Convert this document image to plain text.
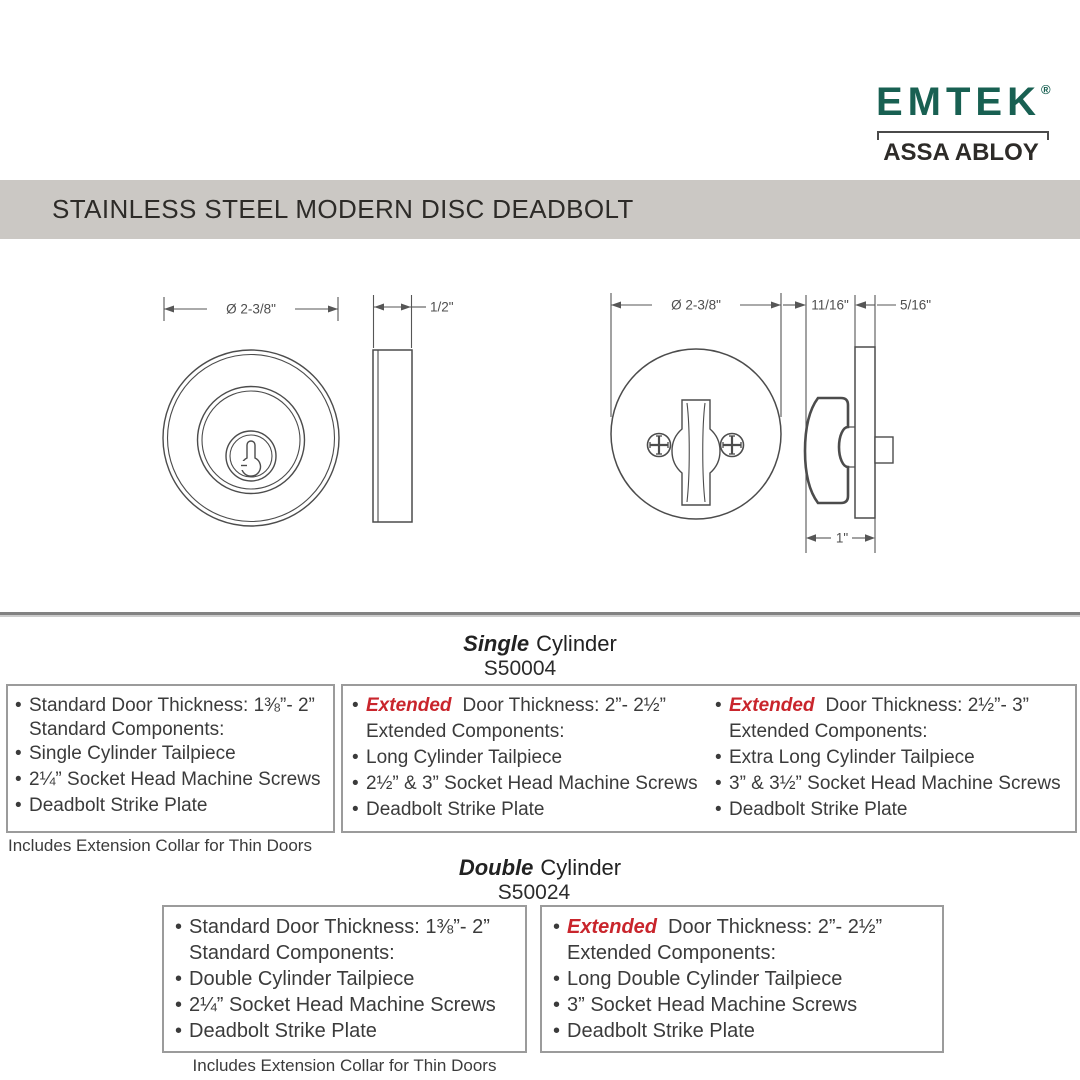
EMTEK ®
ASSA ABLOY
STAINLESS STEEL MODERN DISC DEADBOLT
Ø 2-3/8"	1/2"	Ø 2-3/8"	11/16"	5/16"
1"
Single Cylinder
S50004
• Standard Door Thickness: 1⅜”- 2”
Standard Components:
• Single Cylinder Tailpiece
• 2¼” Socket Head Machine Screws
• Deadbolt Strike Plate
• Extended Door Thickness: 2”- 2½”
Extended Components:
• Long Cylinder Tailpiece
• 2½” & 3” Socket Head Machine Screws
• Deadbolt Strike Plate
• Extended Door Thickness: 2½”- 3”
Extended Components:
• Extra Long Cylinder Tailpiece
• 3” & 3½” Socket Head Machine Screws
• Deadbolt Strike Plate
Includes Extension Collar for Thin Doors
Double Cylinder
S50024
• Standard Door Thickness: 1⅜”- 2”
Standard Components:
• Double Cylinder Tailpiece
• 2¼” Socket Head Machine Screws
• Deadbolt Strike Plate
• Extended Door Thickness: 2”- 2½”
Extended Components:
• Long Double Cylinder Tailpiece
• 3” Socket Head Machine Screws
• Deadbolt Strike Plate
Includes Extension Collar for Thin Doors
